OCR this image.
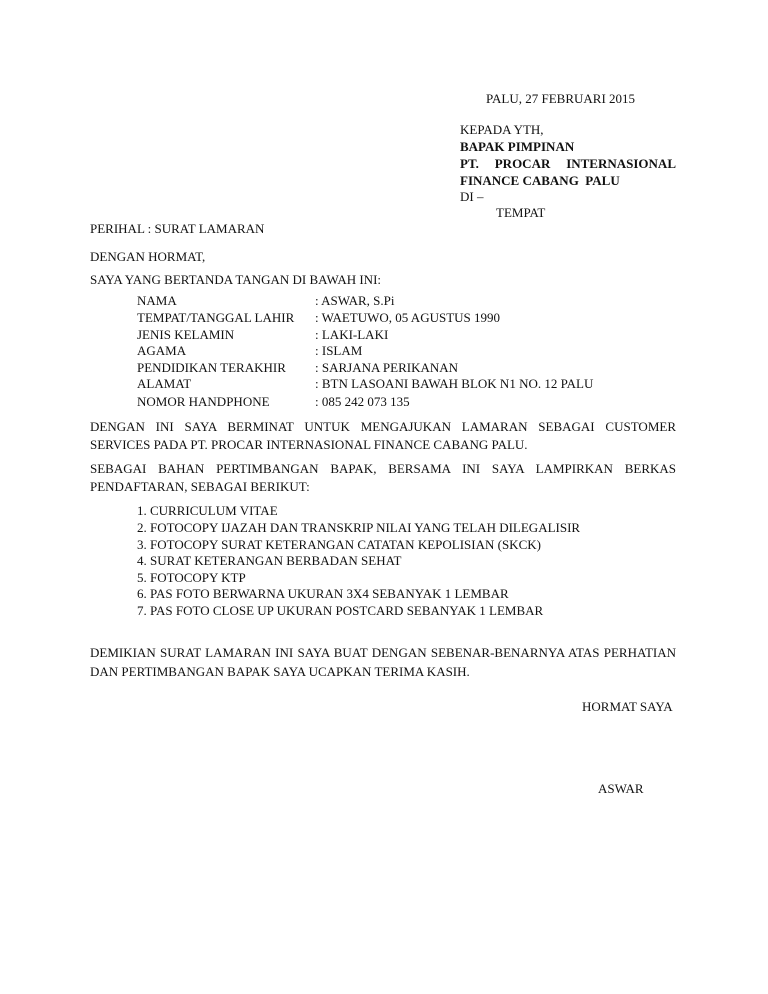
PALU, 27 FEBRUARI 2015
KEPADA YTH,
BAPAK PIMPINAN
PT.   PROCAR   INTERNASIONAL
FINANCE CABANG  PALU
DI –
TEMPAT
PERIHAL : SURAT LAMARAN
DENGAN HORMAT,
SAYA YANG BERTANDA TANGAN DI BAWAH INI:
NAMA	: ASWAR, S.Pi
TEMPAT/TANGGAL LAHIR : WAETUWO, 05 AGUSTUS 1990
JENIS KELAMIN	: LAKI-LAKI
AGAMA	: ISLAM
PENDIDIKAN TERAKHIR : SARJANA PERIKANAN
ALAMAT	: BTN LASOANI BAWAH BLOK N1 NO. 12 PALU
NOMOR HANDPHONE	: 085 242 073 135
DENGAN INI SAYA BERMINAT UNTUK MENGAJUKAN LAMARAN SEBAGAI CUSTOMER SERVICES PADA PT. PROCAR INTERNASIONAL FINANCE CABANG PALU.
SEBAGAI BAHAN PERTIMBANGAN BAPAK, BERSAMA INI SAYA LAMPIRKAN BERKAS PENDAFTARAN, SEBAGAI BERIKUT:
1. CURRICULUM VITAE
2. FOTOCOPY IJAZAH DAN TRANSKRIP NILAI YANG TELAH DILEGALISIR
3. FOTOCOPY SURAT KETERANGAN CATATAN KEPOLISIAN (SKCK)
4. SURAT KETERANGAN BERBADAN SEHAT
5. FOTOCOPY KTP
6. PAS FOTO BERWARNA UKURAN 3X4 SEBANYAK 1 LEMBAR
7. PAS FOTO CLOSE UP UKURAN POSTCARD SEBANYAK 1 LEMBAR
DEMIKIAN SURAT LAMARAN INI SAYA BUAT DENGAN SEBENAR-BENARNYA ATAS PERHATIAN DAN PERTIMBANGAN BAPAK SAYA UCAPKAN TERIMA KASIH.
HORMAT SAYA
ASWAR
